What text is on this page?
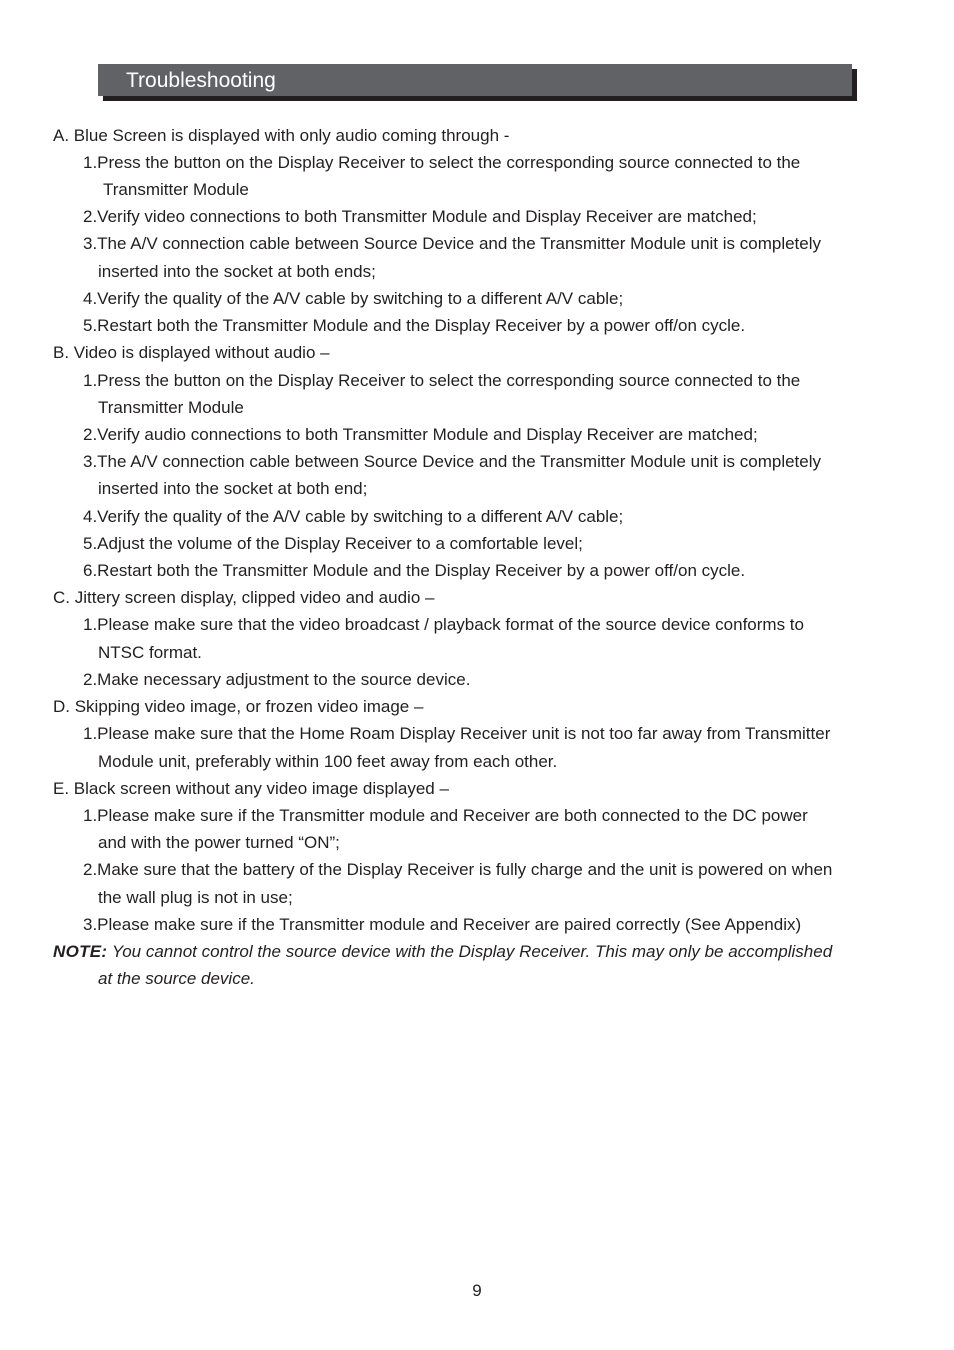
Troubleshooting
A. Blue Screen is displayed with only audio coming through -
1.Press the button on the Display Receiver to select the corresponding source connected to the
Transmitter Module
2.Verify video connections to both Transmitter Module and Display Receiver are matched;
3.The A/V connection cable between Source Device and the Transmitter Module unit is completely
inserted into the socket at both ends;
4.Verify the quality of the A/V cable by switching to a different A/V cable;
5.Restart both the Transmitter Module and the Display Receiver by a power off/on cycle.
B. Video is displayed without audio –
1.Press the button on the Display Receiver to select the corresponding source connected to the
Transmitter Module
2.Verify audio connections to both Transmitter Module and Display Receiver are matched;
3.The A/V connection cable between Source Device and the Transmitter Module unit is completely
inserted into the socket at both end;
4.Verify the quality of the A/V cable by switching to a different A/V cable;
5.Adjust the volume of the Display Receiver to a comfortable level;
6.Restart both the Transmitter Module and the Display Receiver by a power off/on cycle.
C. Jittery screen display, clipped video and audio –
1.Please make sure that the video broadcast / playback format of the source device conforms to
NTSC format.
2.Make necessary adjustment to the source device.
D. Skipping video image, or frozen video image –
1.Please make sure that the Home Roam Display Receiver unit is not too far away from Transmitter
Module unit, preferably within 100 feet away from each other.
E. Black screen without any video image displayed –
1.Please make sure if the Transmitter module and Receiver are both connected to the DC power
and with the power turned “ON”;
2.Make sure that the battery of the Display Receiver is fully charge and the unit is powered on when
the wall plug is not in use;
3.Please make sure if the Transmitter module and Receiver are paired correctly (See Appendix)
NOTE: You cannot control the source device with the Display Receiver. This may only be accomplished
at the source device.
9
